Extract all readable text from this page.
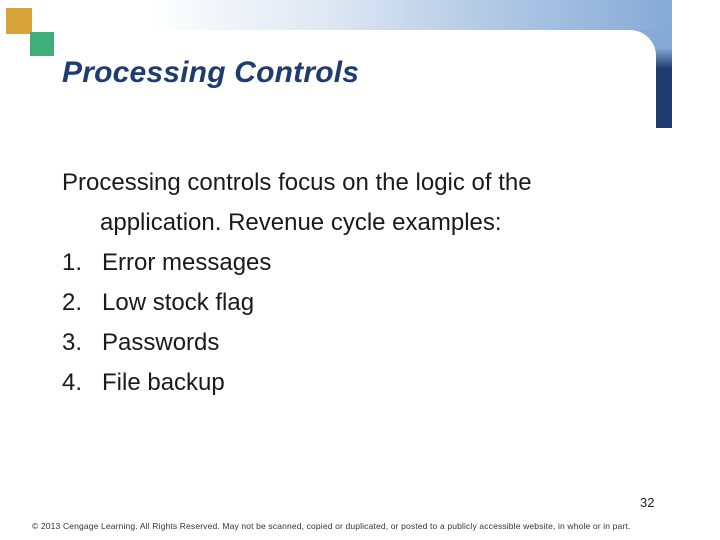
Processing Controls

Processing controls focus on the logic of the
application. Revenue cycle examples:

1. Error messages
2. Low stock flag
3. Passwords
4. File backup
32
© 2013 Cengage Learning. All Rights Reserved. May not be scanned, copied or duplicated, or posted to a publicly accessible website, in whole or in part.
